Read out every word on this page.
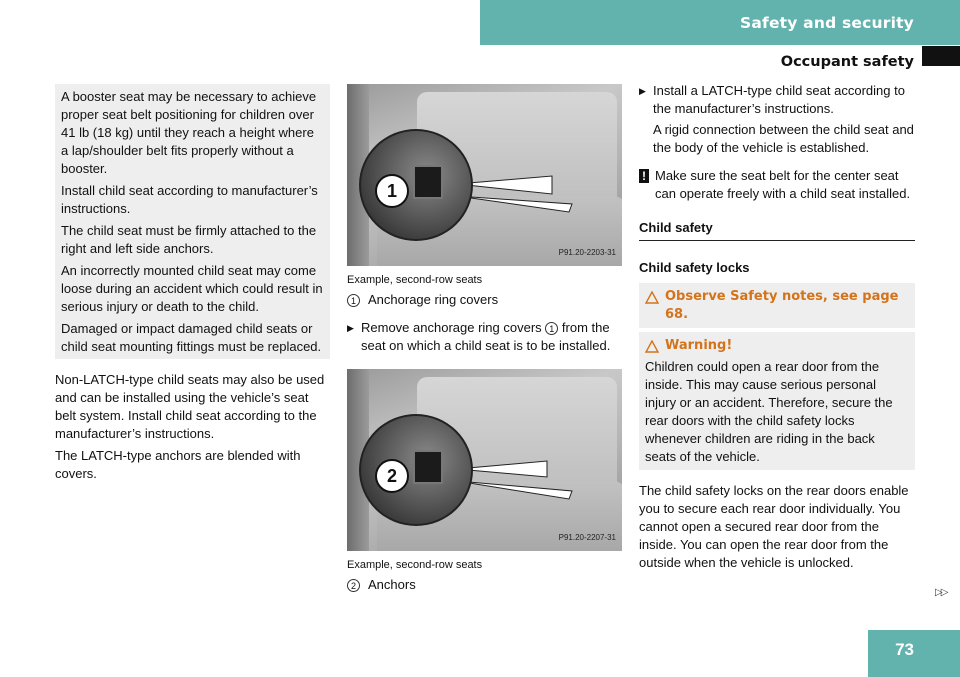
Safety and security
Occupant safety

A booster seat may be necessary to achieve proper seat belt positioning for children over 41 lb (18 kg) until they reach a height where a lap/shoulder belt fits properly without a booster.

Install child seat according to manufacturer’s instructions.

The child seat must be firmly attached to the right and left side anchors.

An incorrectly mounted child seat may come loose during an accident which could result in serious injury or death to the child.

Damaged or impact damaged child seats or child seat mounting fittings must be replaced.

Non-LATCH-type child seats may also be used and can be installed using the vehicle’s seat belt system. Install child seat according to the manufacturer’s instructions.

The LATCH-type anchors are blended with covers.

1
P91.20-2203-31
Example, second-row seats
1 Anchorage ring covers
▶ Remove anchorage ring covers 1 from the seat on which a child seat is to be installed.
2
P91.20-2207-31
Example, second-row seats
2 Anchors
▶ Install a LATCH-type child seat according to the manufacturer’s instructions.

A rigid connection between the child seat and the body of the vehicle is established.

! Make sure the seat belt for the center seat can operate freely with a child seat installed.
Child safety
Child safety locks
Observe Safety notes, see page 68.
Warning!

Children could open a rear door from the inside. This may cause serious personal injury or an accident. Therefore, secure the rear doors with the child safety locks whenever children are riding in the back seats of the vehicle.

The child safety locks on the rear doors enable you to secure each rear door individually. You cannot open a secured rear door from the inside. You can open the rear door from the outside when the vehicle is unlocked.

▷▷
73
